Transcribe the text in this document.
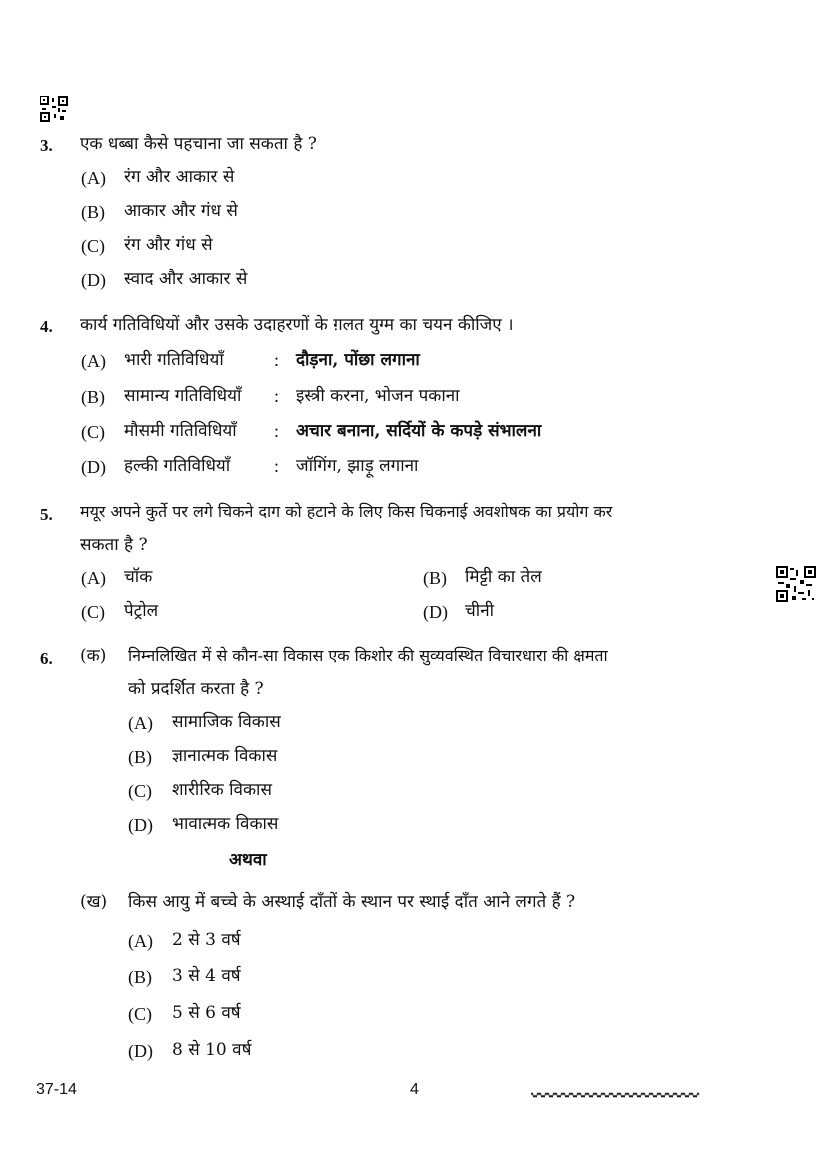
3. एक धब्बा कैसे पहचाना जा सकता है ?
(A) रंग और आकार से
(B) आकार और गंध से
(C) रंग और गंध से
(D) स्वाद और आकार से
4. कार्य गतिविधियों और उसके उदाहरणों के ग़लत युग्म का चयन कीजिए ।
(A) भारी गतिविधियाँ	: दौड़ना, पोंछा लगाना
(B) सामान्य गतिविधियाँ : इस्त्री करना, भोजन पकाना
(C) मौसमी गतिविधियाँ : अचार बनाना, सर्दियों के कपड़े संभालना
(D) हल्की गतिविधियाँ : जॉगिंग, झाड़ू लगाना
5. मयूर अपने कुर्ते पर लगे चिकने दाग को हटाने के लिए किस चिकनाई अवशोषक का प्रयोग कर
सकता है ?
(A) चॉक	(B) मिट्टी का तेल
(C) पेट्रोल	(D) चीनी
6. (क) निम्नलिखित में से कौन-सा विकास एक किशोर की सुव्यवस्थित विचारधारा की क्षमता
को प्रदर्शित करता है ?
(A) सामाजिक विकास
(B) ज्ञानात्मक विकास
(C) शारीरिक विकास
(D) भावात्मक विकास
अथवा
(ख) किस आयु में बच्चे के अस्थाई दाँतों के स्थान पर स्थाई दाँत आने लगते हैं ?
(A) 2 से 3 वर्ष
(B) 3 से 4 वर्ष
(C) 5 से 6 वर्ष
(D) 8 से 10 वर्ष
37-14	4
